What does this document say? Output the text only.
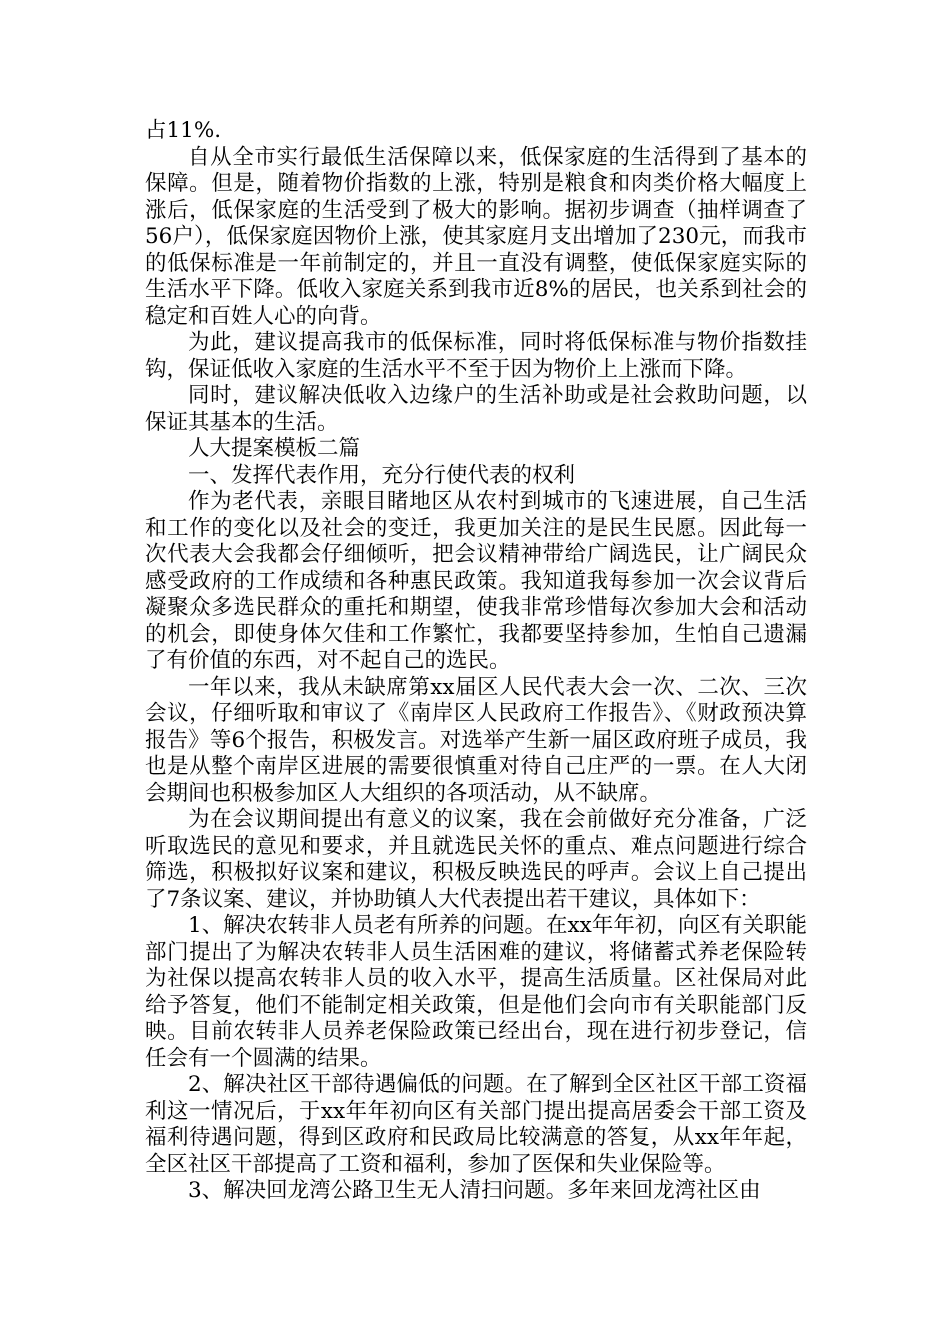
占11%.

自从全市实行最低生活保障以来，低保家庭的生活得到了基本的保障。但是，随着物价指数的上涨，特别是粮食和肉类价格大幅度上涨后，低保家庭的生活受到了极大的影响。据初步调查（抽样调查了56户），低保家庭因物价上涨，使其家庭月支出增加了230元，而我市的低保标准是一年前制定的，并且一直没有调整，使低保家庭实际的生活水平下降。低收入家庭关系到我市近8%的居民，也关系到社会的稳定和百姓人心的向背。

为此，建议提高我市的低保标准，同时将低保标准与物价指数挂钩，保证低收入家庭的生活水平不至于因为物价上上涨而下降。

同时，建议解决低收入边缘户的生活补助或是社会救助问题，以保证其基本的生活。

人大提案模板二篇

一、发挥代表作用，充分行使代表的权利

作为老代表，亲眼目睹地区从农村到城市的飞速进展，自己生活和工作的变化以及社会的变迁，我更加关注的是民生民愿。因此每一次代表大会我都会仔细倾听，把会议精神带给广阔选民，让广阔民众感受政府的工作成绩和各种惠民政策。我知道我每参加一次会议背后凝聚众多选民群众的重托和期望，使我非常珍惜每次参加大会和活动的机会，即使身体欠佳和工作繁忙，我都要坚持参加，生怕自己遗漏了有价值的东西，对不起自己的选民。

一年以来，我从未缺席第xx届区人民代表大会一次、二次、三次会议，仔细听取和审议了《南岸区人民政府工作报告》、《财政预决算报告》等6个报告，积极发言。对选举产生新一届区政府班子成员，我也是从整个南岸区进展的需要很慎重对待自己庄严的一票。在人大闭会期间也积极参加区人大组织的各项活动，从不缺席。

为在会议期间提出有意义的议案，我在会前做好充分准备，广泛听取选民的意见和要求，并且就选民关怀的重点、难点问题进行综合筛选，积极拟好议案和建议，积极反映选民的呼声。会议上自己提出了7条议案、建议，并协助镇人大代表提出若干建议，具体如下：

1、解决农转非人员老有所养的问题。在xx年年初，向区有关职能部门提出了为解决农转非人员生活困难的建议，将储蓄式养老保险转为社保以提高农转非人员的收入水平，提高生活质量。区社保局对此给予答复，他们不能制定相关政策，但是他们会向市有关职能部门反映。目前农转非人员养老保险政策已经出台，现在进行初步登记，信任会有一个圆满的结果。

2、解决社区干部待遇偏低的问题。在了解到全区社区干部工资福利这一情况后，于xx年年初向区有关部门提出提高居委会干部工资及福利待遇问题，得到区政府和民政局比较满意的答复，从xx年年起，全区社区干部提高了工资和福利，参加了医保和失业保险等。

3、解决回龙湾公路卫生无人清扫问题。多年来回龙湾社区由
